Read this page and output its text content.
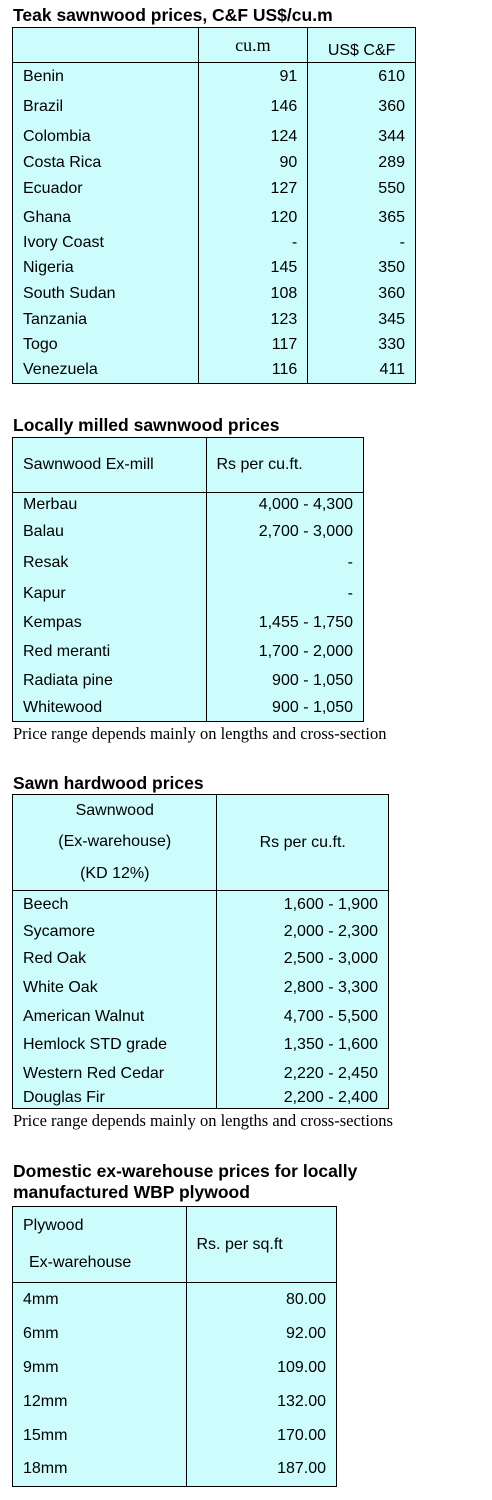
Teak sawnwood prices, C&F US$/cu.m
	cu.m	US$ C&F
Benin	91	610
Brazil	146	360
Colombia	124	344
Costa Rica	90	289
Ecuador	127	550
Ghana	120	365
Ivory Coast	-	-
Nigeria	145	350
South Sudan	108	360
Tanzania	123	345
Togo	117	330
Venezuela	116	411
Locally milled sawnwood prices
Sawnwood Ex-mill	Rs per cu.ft.
Merbau	4,000 - 4,300
Balau	2,700 - 3,000
Resak	-
Kapur	-
Kempas	1,455 - 1,750
Red meranti	1,700 - 2,000
Radiata pine	900 - 1,050
Whitewood	900 - 1,050

Price range depends mainly on lengths and cross-section

Sawn hardwood prices
Sawnwood
(Ex-warehouse)
(KD 12%)	Rs per cu.ft.
Beech	1,600 - 1,900
Sycamore	2,000 - 2,300
Red Oak	2,500 - 3,000
White Oak	2,800 - 3,300
American Walnut	4,700 - 5,500
Hemlock STD grade	1,350 - 1,600
Western Red Cedar	2,220 - 2,450
Douglas Fir	2,200 - 2,400

Price range depends mainly on lengths and cross-sections

Domestic ex-warehouse prices for locally
manufactured WBP plywood
Plywood
Ex-warehouse	Rs. per sq.ft
4mm	80.00
6mm	92.00
9mm	109.00
12mm	132.00
15mm	170.00
18mm	187.00
